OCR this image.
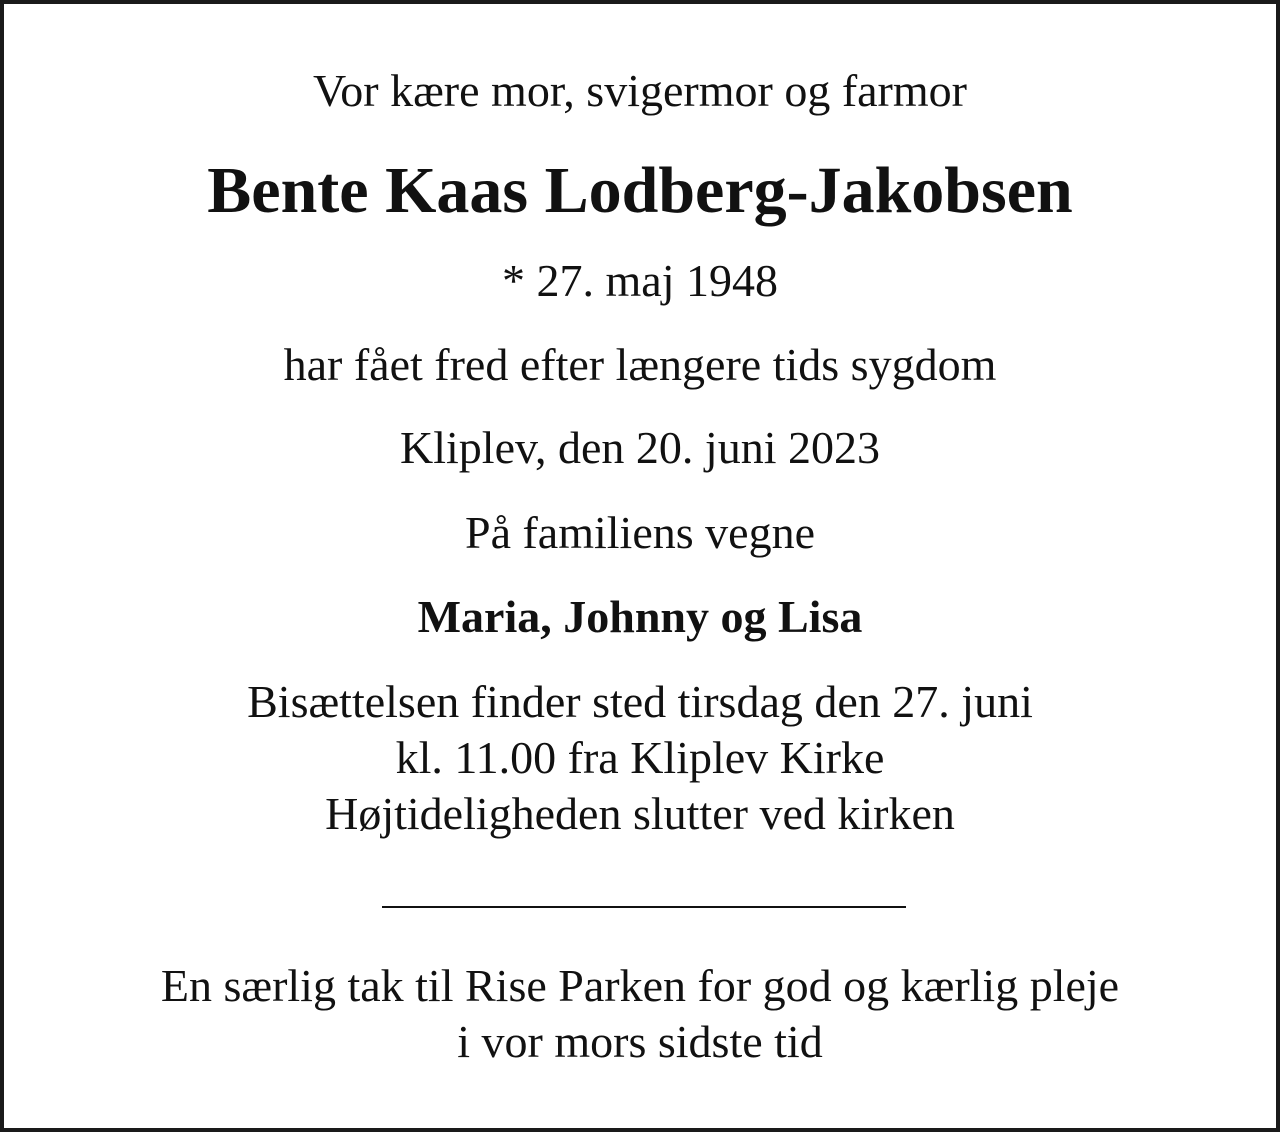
Vor kære mor, svigermor og farmor

Bente Kaas Lodberg-Jakobsen

* 27. maj 1948

har fået fred efter længere tids sygdom

Kliplev, den 20. juni 2023

På familiens vegne

Maria, Johnny og Lisa

Bisættelsen finder sted tirsdag den 27. juni
kl. 11.00 fra Kliplev Kirke
Højtideligheden slutter ved kirken
En særlig tak til Rise Parken for god og kærlig pleje
i vor mors sidste tid
